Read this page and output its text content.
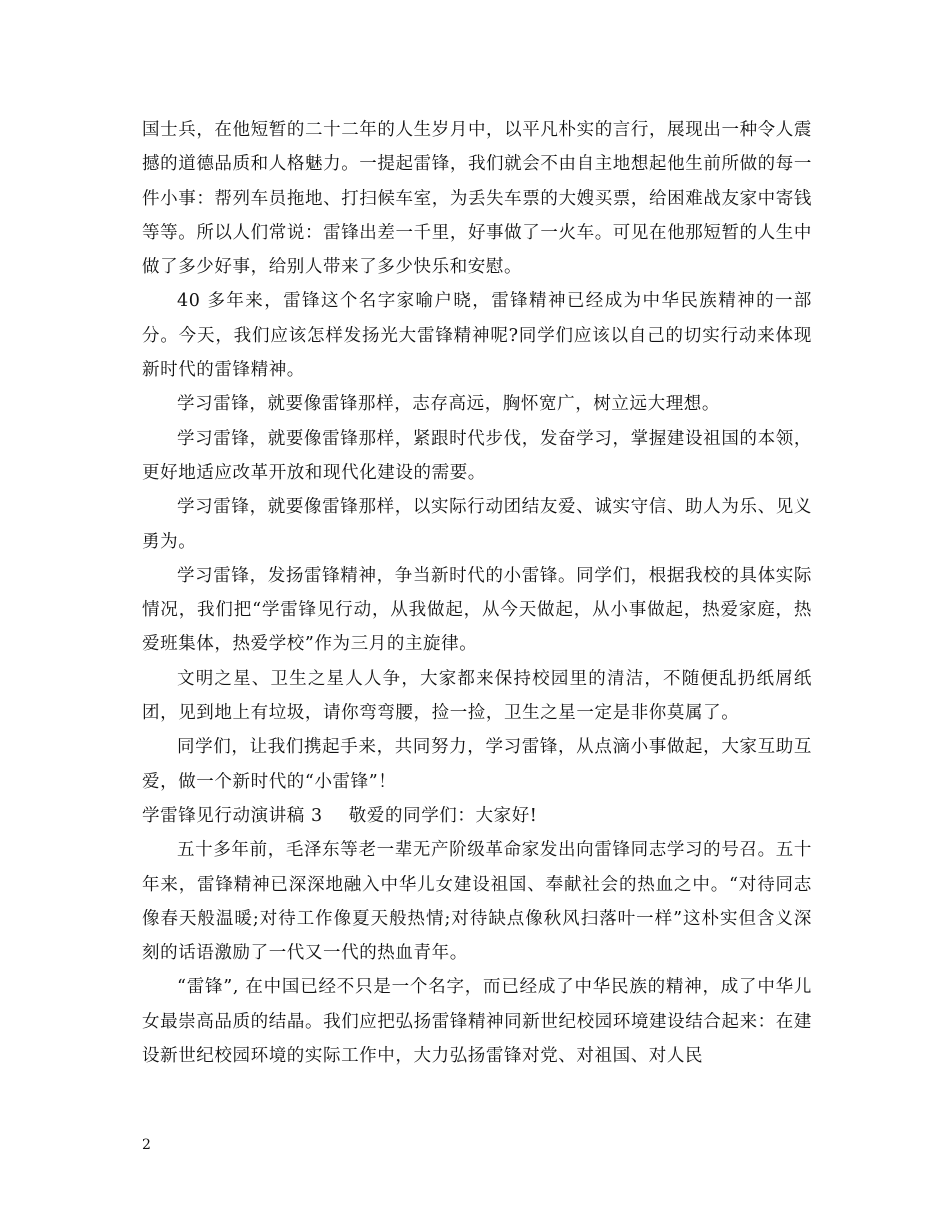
国士兵，在他短暂的二十二年的人生岁月中，以平凡朴实的言行，展现出一种令人震撼的道德品质和人格魅力。一提起雷锋，我们就会不由自主地想起他生前所做的每一件小事：帮列车员拖地、打扫候车室，为丢失车票的大嫂买票，给困难战友家中寄钱等等。所以人们常说：雷锋出差一千里，好事做了一火车。可见在他那短暂的人生中做了多少好事，给别人带来了多少快乐和安慰。

40 多年来，雷锋这个名字家喻户晓，雷锋精神已经成为中华民族精神的一部分。今天，我们应该怎样发扬光大雷锋精神呢?同学们应该以自己的切实行动来体现新时代的雷锋精神。

学习雷锋，就要像雷锋那样，志存高远，胸怀宽广，树立远大理想。

学习雷锋，就要像雷锋那样，紧跟时代步伐，发奋学习，掌握建设祖国的本领，更好地适应改革开放和现代化建设的需要。

学习雷锋，就要像雷锋那样，以实际行动团结友爱、诚实守信、助人为乐、见义勇为。

学习雷锋，发扬雷锋精神，争当新时代的小雷锋。同学们，根据我校的具体实际情况，我们把“学雷锋见行动，从我做起，从今天做起，从小事做起，热爱家庭，热爱班集体，热爱学校”作为三月的主旋律。

文明之星、卫生之星人人争，大家都来保持校园里的清洁，不随便乱扔纸屑纸团，见到地上有垃圾，请你弯弯腰，捡一捡，卫生之星一定是非你莫属了。

同学们，让我们携起手来，共同努力，学习雷锋，从点滴小事做起，大家互助互爱，做一个新时代的“小雷锋”！

学雷锋见行动演讲稿 3 敬爱的同学们：大家好!

五十多年前，毛泽东等老一辈无产阶级革命家发出向雷锋同志学习的号召。五十年来，雷锋精神已深深地融入中华儿女建设祖国、奉献社会的热血之中。“对待同志像春天般温暖;对待工作像夏天般热情;对待缺点像秋风扫落叶一样”这朴实但含义深刻的话语激励了一代又一代的热血青年。

“雷锋”, 在中国已经不只是一个名字，而已经成了中华民族的精神，成了中华儿女最崇高品质的结晶。我们应把弘扬雷锋精神同新世纪校园环境建设结合起来：在建设新世纪校园环境的实际工作中，大力弘扬雷锋对党、对祖国、对人民

2
